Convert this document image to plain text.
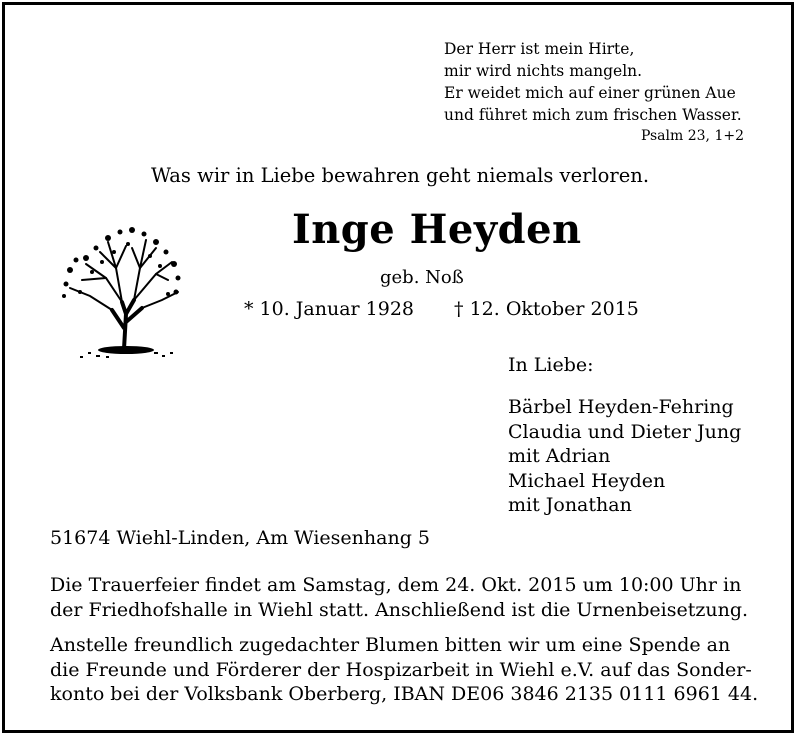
Der Herr ist mein Hirte,
mir wird nichts mangeln.
Er weidet mich auf einer grünen Aue
und führet mich zum frischen Wasser.
Psalm 23, 1+2
Was wir in Liebe bewahren geht niemals verloren.
Inge Heyden
geb. Noß
* 10. Januar 1928 † 12. Oktober 2015
In Liebe:
Bärbel Heyden-Fehring
Claudia und Dieter Jung
mit Adrian
Michael Heyden
mit Jonathan
51674 Wiehl-Linden, Am Wiesenhang 5
Die Trauerfeier findet am Samstag, dem 24. Okt. 2015 um 10:00 Uhr in
der Friedhofshalle in Wiehl statt. Anschließend ist die Urnenbeisetzung.
Anstelle freundlich zugedachter Blumen bitten wir um eine Spende an
die Freunde und Förderer der Hospizarbeit in Wiehl e.V. auf das Sonder-
konto bei der Volksbank Oberberg, IBAN DE06 3846 2135 0111 6961 44.
